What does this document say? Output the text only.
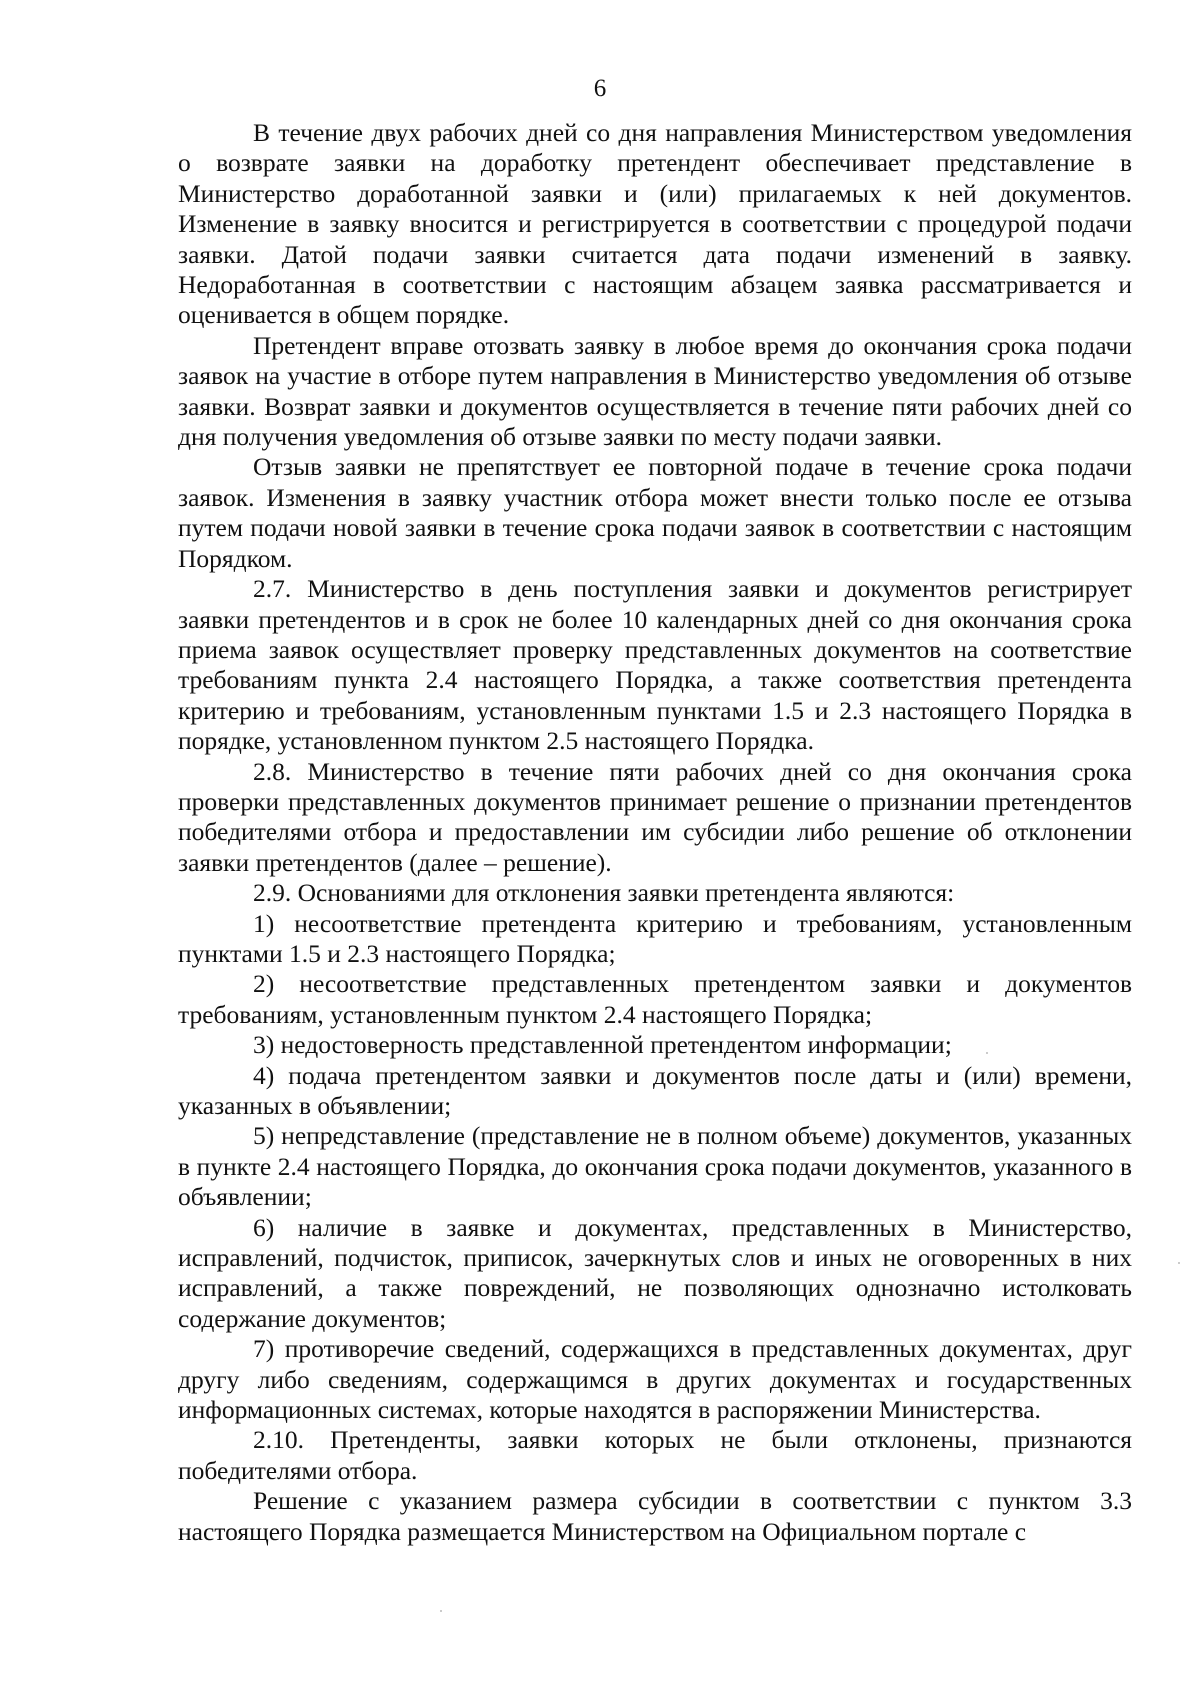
6

В течение двух рабочих дней со дня направления Министерством уведомления о возврате заявки на доработку претендент обеспечивает представление в Министерство доработанной заявки и (или) прилагаемых к ней документов. Изменение в заявку вносится и регистрируется в соответствии с процедурой подачи заявки. Датой подачи заявки считается дата подачи изменений в заявку. Недоработанная в соответствии с настоящим абзацем заявка рассматривается и оценивается в общем порядке.

Претендент вправе отозвать заявку в любое время до окончания срока подачи заявок на участие в отборе путем направления в Министерство уведомления об отзыве заявки. Возврат заявки и документов осуществляется в течение пяти рабочих дней со дня получения уведомления об отзыве заявки по месту подачи заявки.

Отзыв заявки не препятствует ее повторной подаче в течение срока подачи заявок. Изменения в заявку участник отбора может внести только после ее отзыва путем подачи новой заявки в течение срока подачи заявок в соответствии с настоящим Порядком.

2.7. Министерство в день поступления заявки и документов регистрирует заявки претендентов и в срок не более 10 календарных дней со дня окончания срока приема заявок осуществляет проверку представленных документов на соответствие требованиям пункта 2.4 настоящего Порядка, а также соответствия претендента критерию и требованиям, установленным пунктами 1.5 и 2.3 настоящего Порядка в порядке, установленном пунктом 2.5 настоящего Порядка.

2.8. Министерство в течение пяти рабочих дней со дня окончания срока проверки представленных документов принимает решение о признании претендентов победителями отбора и предоставлении им субсидии либо решение об отклонении заявки претендентов (далее – решение).

2.9. Основаниями для отклонения заявки претендента являются:

1) несоответствие претендента критерию и требованиям, установленным пунктами 1.5 и 2.3 настоящего Порядка;

2) несоответствие представленных претендентом заявки и документов требованиям, установленным пунктом 2.4 настоящего Порядка;

3) недостоверность представленной претендентом информации;

4) подача претендентом заявки и документов после даты и (или) времени, указанных в объявлении;

5) непредставление (представление не в полном объеме) документов, указанных в пункте 2.4 настоящего Порядка, до окончания срока подачи документов, указанного в объявлении;

6) наличие в заявке и документах, представленных в Министерство, исправлений, подчисток, приписок, зачеркнутых слов и иных не оговоренных в них исправлений, а также повреждений, не позволяющих однозначно истолковать содержание документов;

7) противоречие сведений, содержащихся в представленных документах, друг другу либо сведениям, содержащимся в других документах и государственных информационных системах, которые находятся в распоряжении Министерства.

2.10. Претенденты, заявки которых не были отклонены, признаются победителями отбора.

Решение с указанием размера субсидии в соответствии с пунктом 3.3 настоящего Порядка размещается Министерством на Официальном портале с
